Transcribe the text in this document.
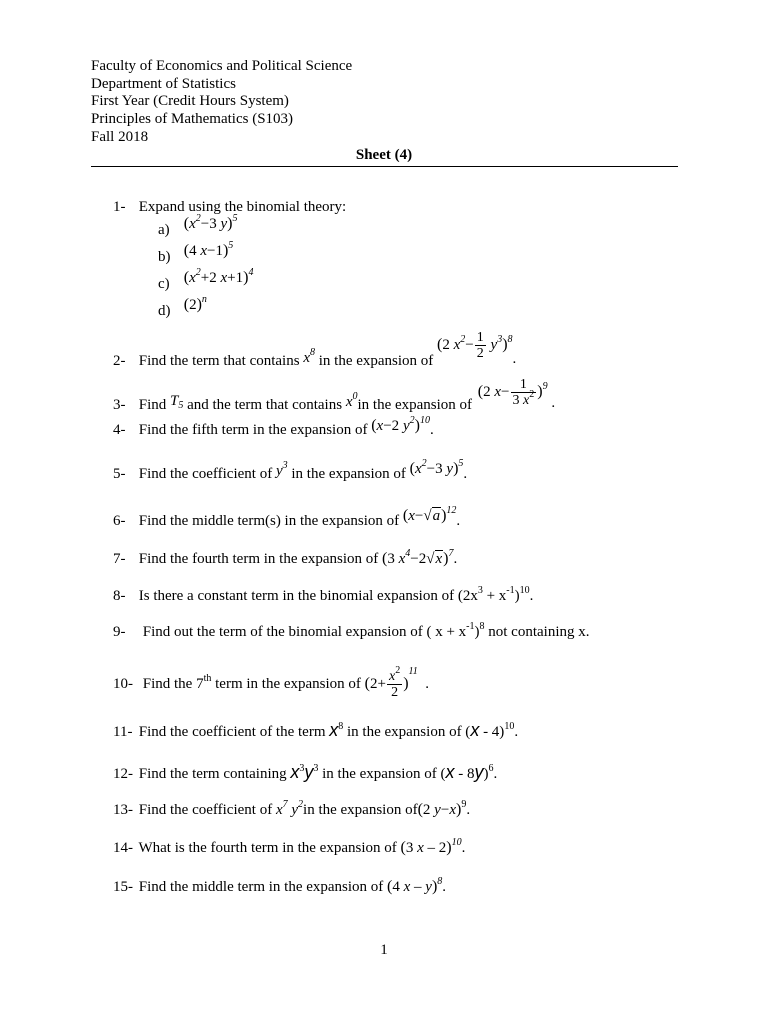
Faculty of Economics and Political Science
Department of Statistics
First Year (Credit Hours System)
Principles of Mathematics (S103)
Fall 2018
Sheet (4)
1- Expand using the binomial theory:
a) ($x^2-3$ y)$^5$
b) (4 x−1)$^5$
c) ($x^2+2$ x+1)$^4$
d) $(2)^n$
2- Find the term that contains $x^8$ in the expansion of (2 $x^2- \frac{1}{2} y^3)^8$.
3- Find $T_5$ and the term that contains $x^0in$ the expansion of (2 $x- \frac{1}{3 x^2} )^9$ .
4- Find the fifth term in the expansion of (x−2 $y^2)^{10}$.
5- Find the coefficient of $y^3$ in the expansion of ($x^2-3$ y)$^5$.
6- Find the middle term(s) in the expansion of $(x-√a)^{12}$.
7- Find the fourth term in the expansion of (3 $x^4-2√x)^7$.
8- Is there a constant term in the binomial expansion of $(2x^3 + x^{-1})^{10}$.
9- Find out the term of the binomial expansion of ( $x + x^{-1})^8$ not containing x.
10- Find the 7th term in the expansion of $(2+ \frac{x^2}{2} )^{11}$  .
11- Find the coefficient of the term $x^8$ in the expansion of (x - 4)$^{10}$.
12- Find the term containing $x^3y^3$ in the expansion of (x - 8y)$^6$.
13- Find the coefficient of $x^7$ $y^2in$ the expansion of(2 y−x)$^9$.
14- What is the fourth term in the expansion of (3 x – 2)$^{10}$.
15- Find the middle term in the expansion of (4 x – y)$^8$.
1
